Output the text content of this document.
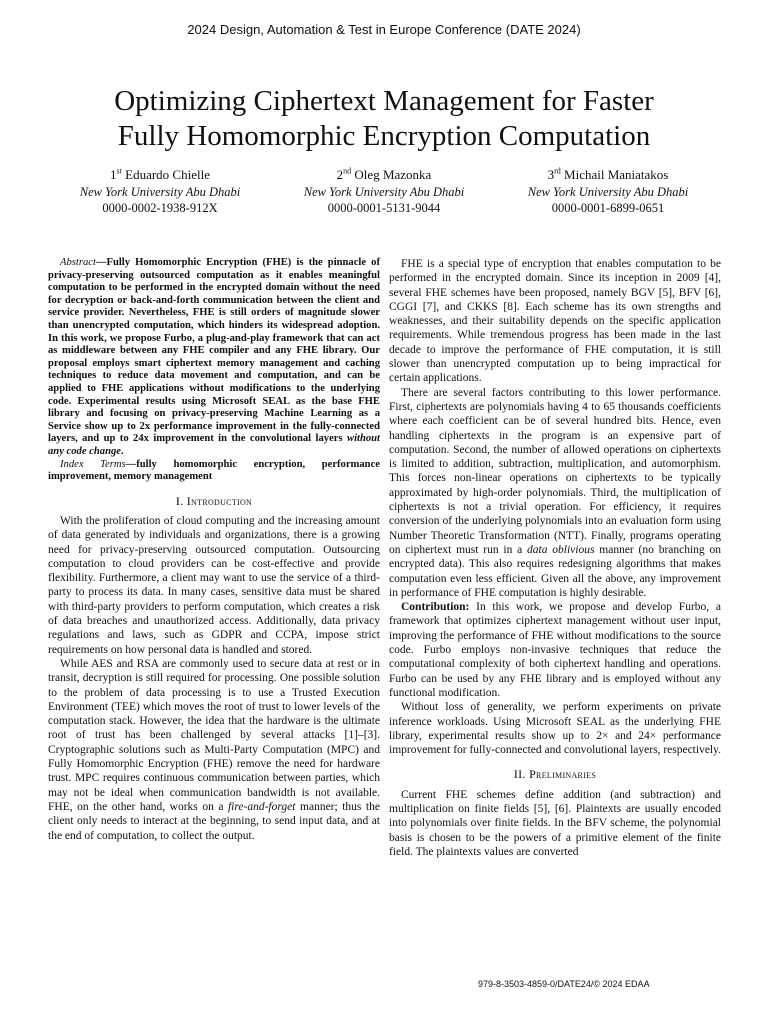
2024 Design, Automation & Test in Europe Conference (DATE 2024)
Optimizing Ciphertext Management for Faster
Fully Homomorphic Encryption Computation
1st Eduardo Chielle
New York University Abu Dhabi
0000-0002-1938-912X
2nd Oleg Mazonka
New York University Abu Dhabi
0000-0001-5131-9044
3rd Michail Maniatakos
New York University Abu Dhabi
0000-0001-6899-0651

Abstract—Fully Homomorphic Encryption (FHE) is the pinnacle of privacy-preserving outsourced computation as it enables meaningful computation to be performed in the encrypted domain without the need for decryption or back-and-forth communication between the client and service provider. Nevertheless, FHE is still orders of magnitude slower than unencrypted computation, which hinders its widespread adoption. In this work, we propose Furbo, a plug-and-play framework that can act as middleware between any FHE compiler and any FHE library. Our proposal employs smart ciphertext memory management and caching techniques to reduce data movement and computation, and can be applied to FHE applications without modifications to the underlying code. Experimental results using Microsoft SEAL as the base FHE library and focusing on privacy-preserving Machine Learning as a Service show up to 2x performance improvement in the fully-connected layers, and up to 24x improvement in the convolutional layers without any code change.

Index Terms—fully homomorphic encryption, performance improvement, memory management

I. Introduction

With the proliferation of cloud computing and the increasing amount of data generated by individuals and organizations, there is a growing need for privacy-preserving outsourced computation. Outsourcing computation to cloud providers can be cost-effective and provide flexibility. Furthermore, a client may want to use the service of a third-party to process its data. In many cases, sensitive data must be shared with third-party providers to perform computation, which creates a risk of data breaches and unauthorized access. Additionally, data privacy regulations and laws, such as GDPR and CCPA, impose strict requirements on how personal data is handled and stored.

While AES and RSA are commonly used to secure data at rest or in transit, decryption is still required for processing. One possible solution to the problem of data processing is to use a Trusted Execution Environment (TEE) which moves the root of trust to lower levels of the computation stack. However, the idea that the hardware is the ultimate root of trust has been challenged by several attacks [1]–[3]. Cryptographic solutions such as Multi-Party Computation (MPC) and Fully Homomorphic Encryption (FHE) remove the need for hardware trust. MPC requires continuous communication between parties, which may not be ideal when communication bandwidth is not available. FHE, on the other hand, works on a fire-and-forget manner; thus the client only needs to interact at the beginning, to send input data, and at the end of computation, to collect the output.

FHE is a special type of encryption that enables computation to be performed in the encrypted domain. Since its inception in 2009 [4], several FHE schemes have been proposed, namely BGV [5], BFV [6], CGGI [7], and CKKS [8]. Each scheme has its own strengths and weaknesses, and their suitability depends on the specific application requirements. While tremendous progress has been made in the last decade to improve the performance of FHE computation, it is still slower than unencrypted computation up to being impractical for certain applications.

There are several factors contributing to this lower performance. First, ciphertexts are polynomials having 4 to 65 thousands coefficients where each coefficient can be of several hundred bits. Hence, even handling ciphertexts in the program is an expensive part of computation. Second, the number of allowed operations on ciphertexts is limited to addition, subtraction, multiplication, and automorphism. This forces non-linear operations on ciphertexts to be typically approximated by high-order polynomials. Third, the multiplication of ciphertexts is not a trivial operation. For efficiency, it requires conversion of the underlying polynomials into an evaluation form using Number Theoretic Transformation (NTT). Finally, programs operating on ciphertext must run in a data oblivious manner (no branching on encrypted data). This also requires redesigning algorithms that makes computation even less efficient. Given all the above, any improvement in performance of FHE computation is highly desirable.

Contribution: In this work, we propose and develop Furbo, a framework that optimizes ciphertext management without user input, improving the performance of FHE without modifications to the source code. Furbo employs non-invasive techniques that reduce the computational complexity of both ciphertext handling and operations. Furbo can be used by any FHE library and is employed without any functional modification.

Without loss of generality, we perform experiments on private inference workloads. Using Microsoft SEAL as the underlying FHE library, experimental results show up to 2× and 24× performance improvement for fully-connected and convolutional layers, respectively.

II. Preliminaries

Current FHE schemes define addition (and subtraction) and multiplication on finite fields [5], [6]. Plaintexts are usually encoded into polynomials over finite fields. In the BFV scheme, the polynomial basis is chosen to be the powers of a primitive element of the finite field. The plaintexts values are converted

979-8-3503-4859-0/DATE24/© 2024 EDAA
